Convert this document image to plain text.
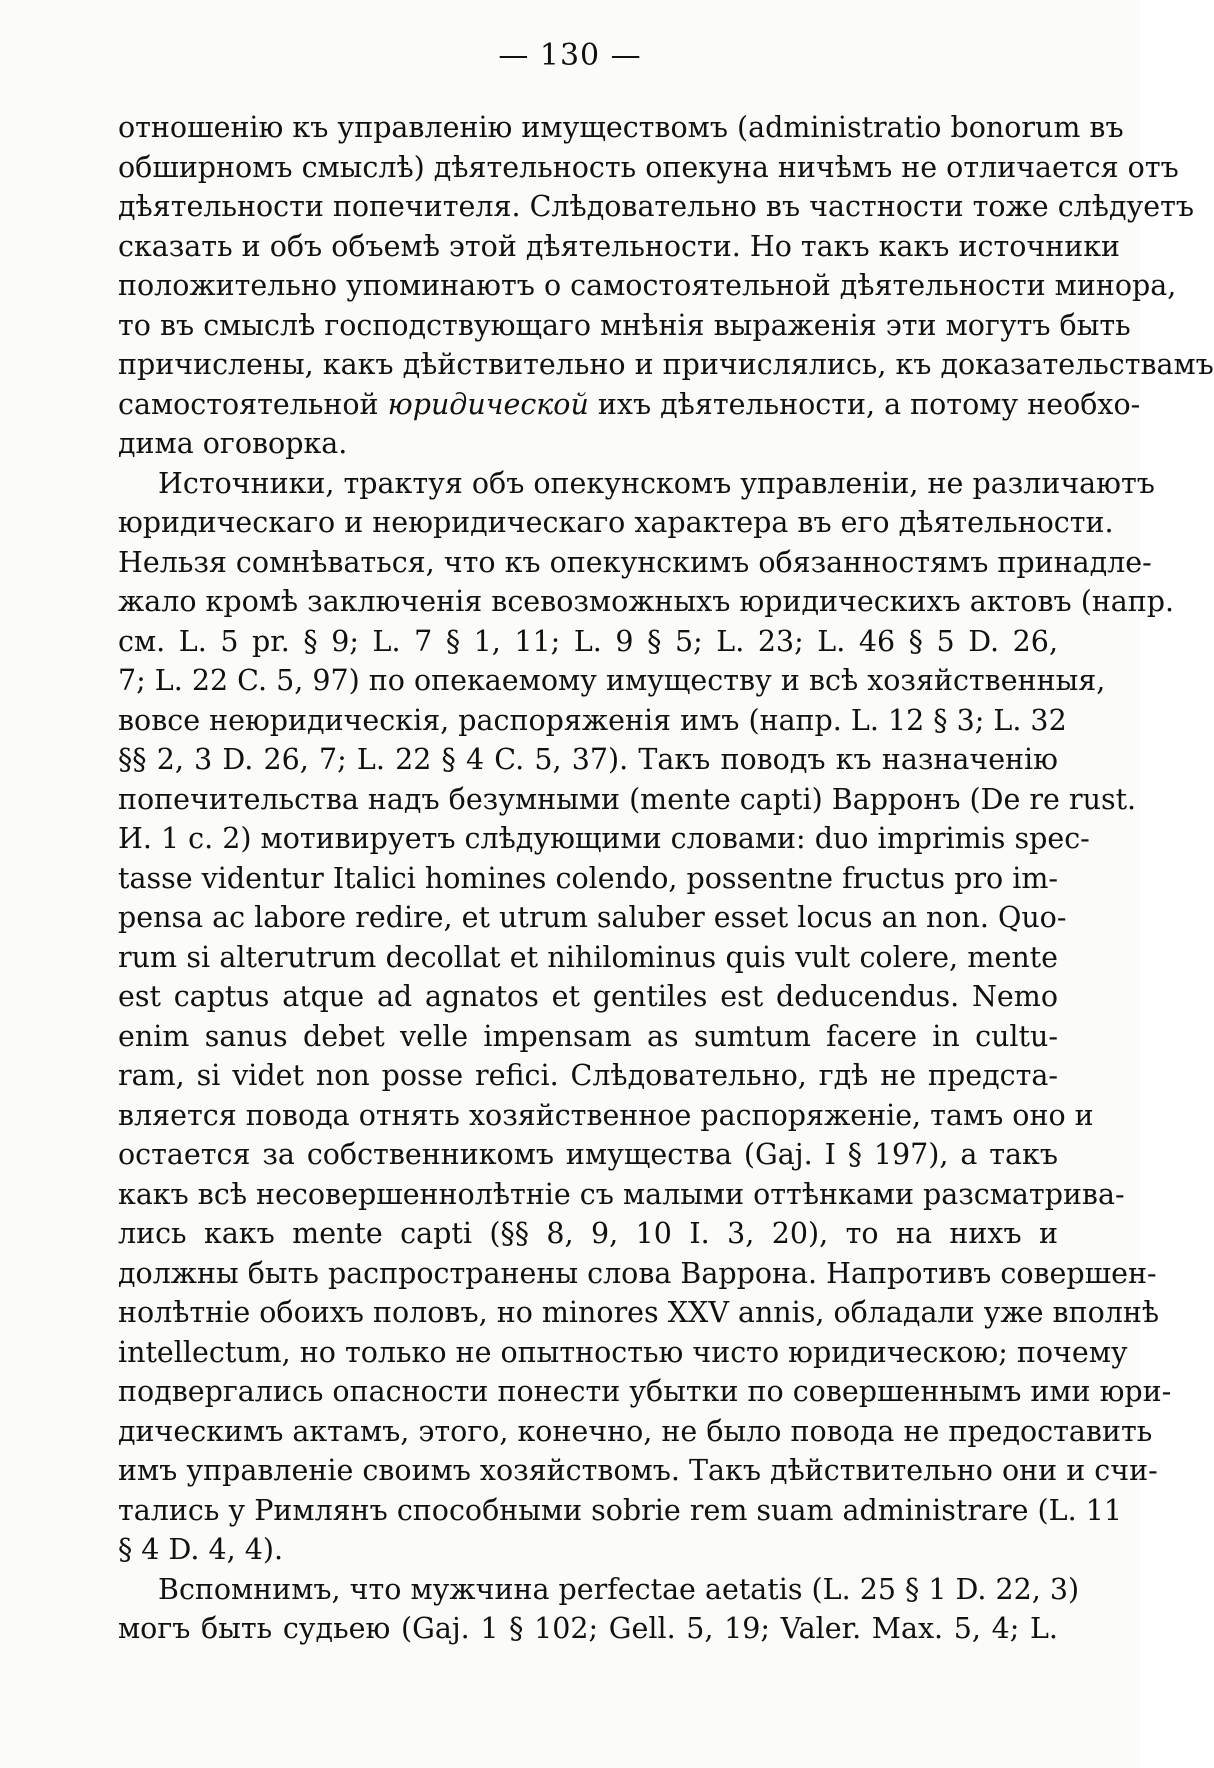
— 130 —
отношенію къ управленію имуществомъ (administratio bonorum въ
обширномъ смыслѣ) дѣятельность опекуна ничѣмъ не отличается отъ
дѣятельности попечителя. Слѣдовательно въ частности тоже слѣдуетъ
сказать и объ объемѣ этой дѣятельности. Но такъ какъ источники
положительно упоминаютъ о самостоятельной дѣятельности минора,
то въ смыслѣ господствующаго мнѣнія выраженія эти могутъ быть
причислены, какъ дѣйствительно и причислялись, къ доказательствамъ
самостоятельной юридической ихъ дѣятельности, а потому необхо-
дима оговорка.
Источники, трактуя объ опекунскомъ управленіи, не различаютъ
юридическаго и неюридическаго характера въ его дѣятельности.
Нельзя сомнѣваться, что къ опекунскимъ обязанностямъ принадле-
жало кромѣ заключенія всевозможныхъ юридическихъ актовъ (напр.
см. L. 5 pr. § 9; L. 7 § 1, 11; L. 9 § 5; L. 23; L. 46 § 5 D. 26,
7; L. 22 C. 5, 97) по опекаемому имуществу и всѣ хозяйственныя,
вовсе неюридическія, распоряженія имъ (напр. L. 12 § 3; L. 32
§§ 2, 3 D. 26, 7; L. 22 § 4 C. 5, 37). Такъ поводъ къ назначенію
попечительства надъ безумными (mente capti) Варронъ (De re rust.
И. 1 с. 2) мотивируетъ слѣдующими словами: duo imprimis spec-
tasse videntur Italici homines colendo, possentne fructus pro im-
pensa ac labore redire, et utrum saluber esset locus an non. Quo-
rum si alterutrum decollat et nihilominus quis vult colere, mente
est captus atque ad agnatos et gentiles est deducendus. Nemo
enim sanus debet velle impensam as sumtum facere in cultu-
ram, si videt non posse refici. Слѣдовательно, гдѣ не предста-
вляется повода отнять хозяйственное распоряженіе, тамъ оно и
остается за собственникомъ имущества (Gaj. I § 197), а такъ
какъ всѣ несовершеннолѣтніе съ малыми оттѣнками разсматрива-
лись какъ mente capti (§§ 8, 9, 10 I. 3, 20), то на нихъ и
должны быть распространены слова Варрона. Напротивъ совершен-
нолѣтніе обоихъ половъ, но minores XXV annis, обладали уже вполнѣ
intellectum, но только не опытностью чисто юридическою; почему
подвергались опасности понести убытки по совершеннымъ ими юри-
дическимъ актамъ, этого, конечно, не было повода не предоставить
имъ управленіе своимъ хозяйствомъ. Такъ дѣйствительно они и счи-
тались у Римлянъ способными sobrie rem suam administrare (L. 11
§ 4 D. 4, 4).
Вспомнимъ, что мужчина perfectae aetatis (L. 25 § 1 D. 22, 3)
могъ быть судьею (Gaj. 1 § 102; Gell. 5, 19; Valer. Max. 5, 4; L.
